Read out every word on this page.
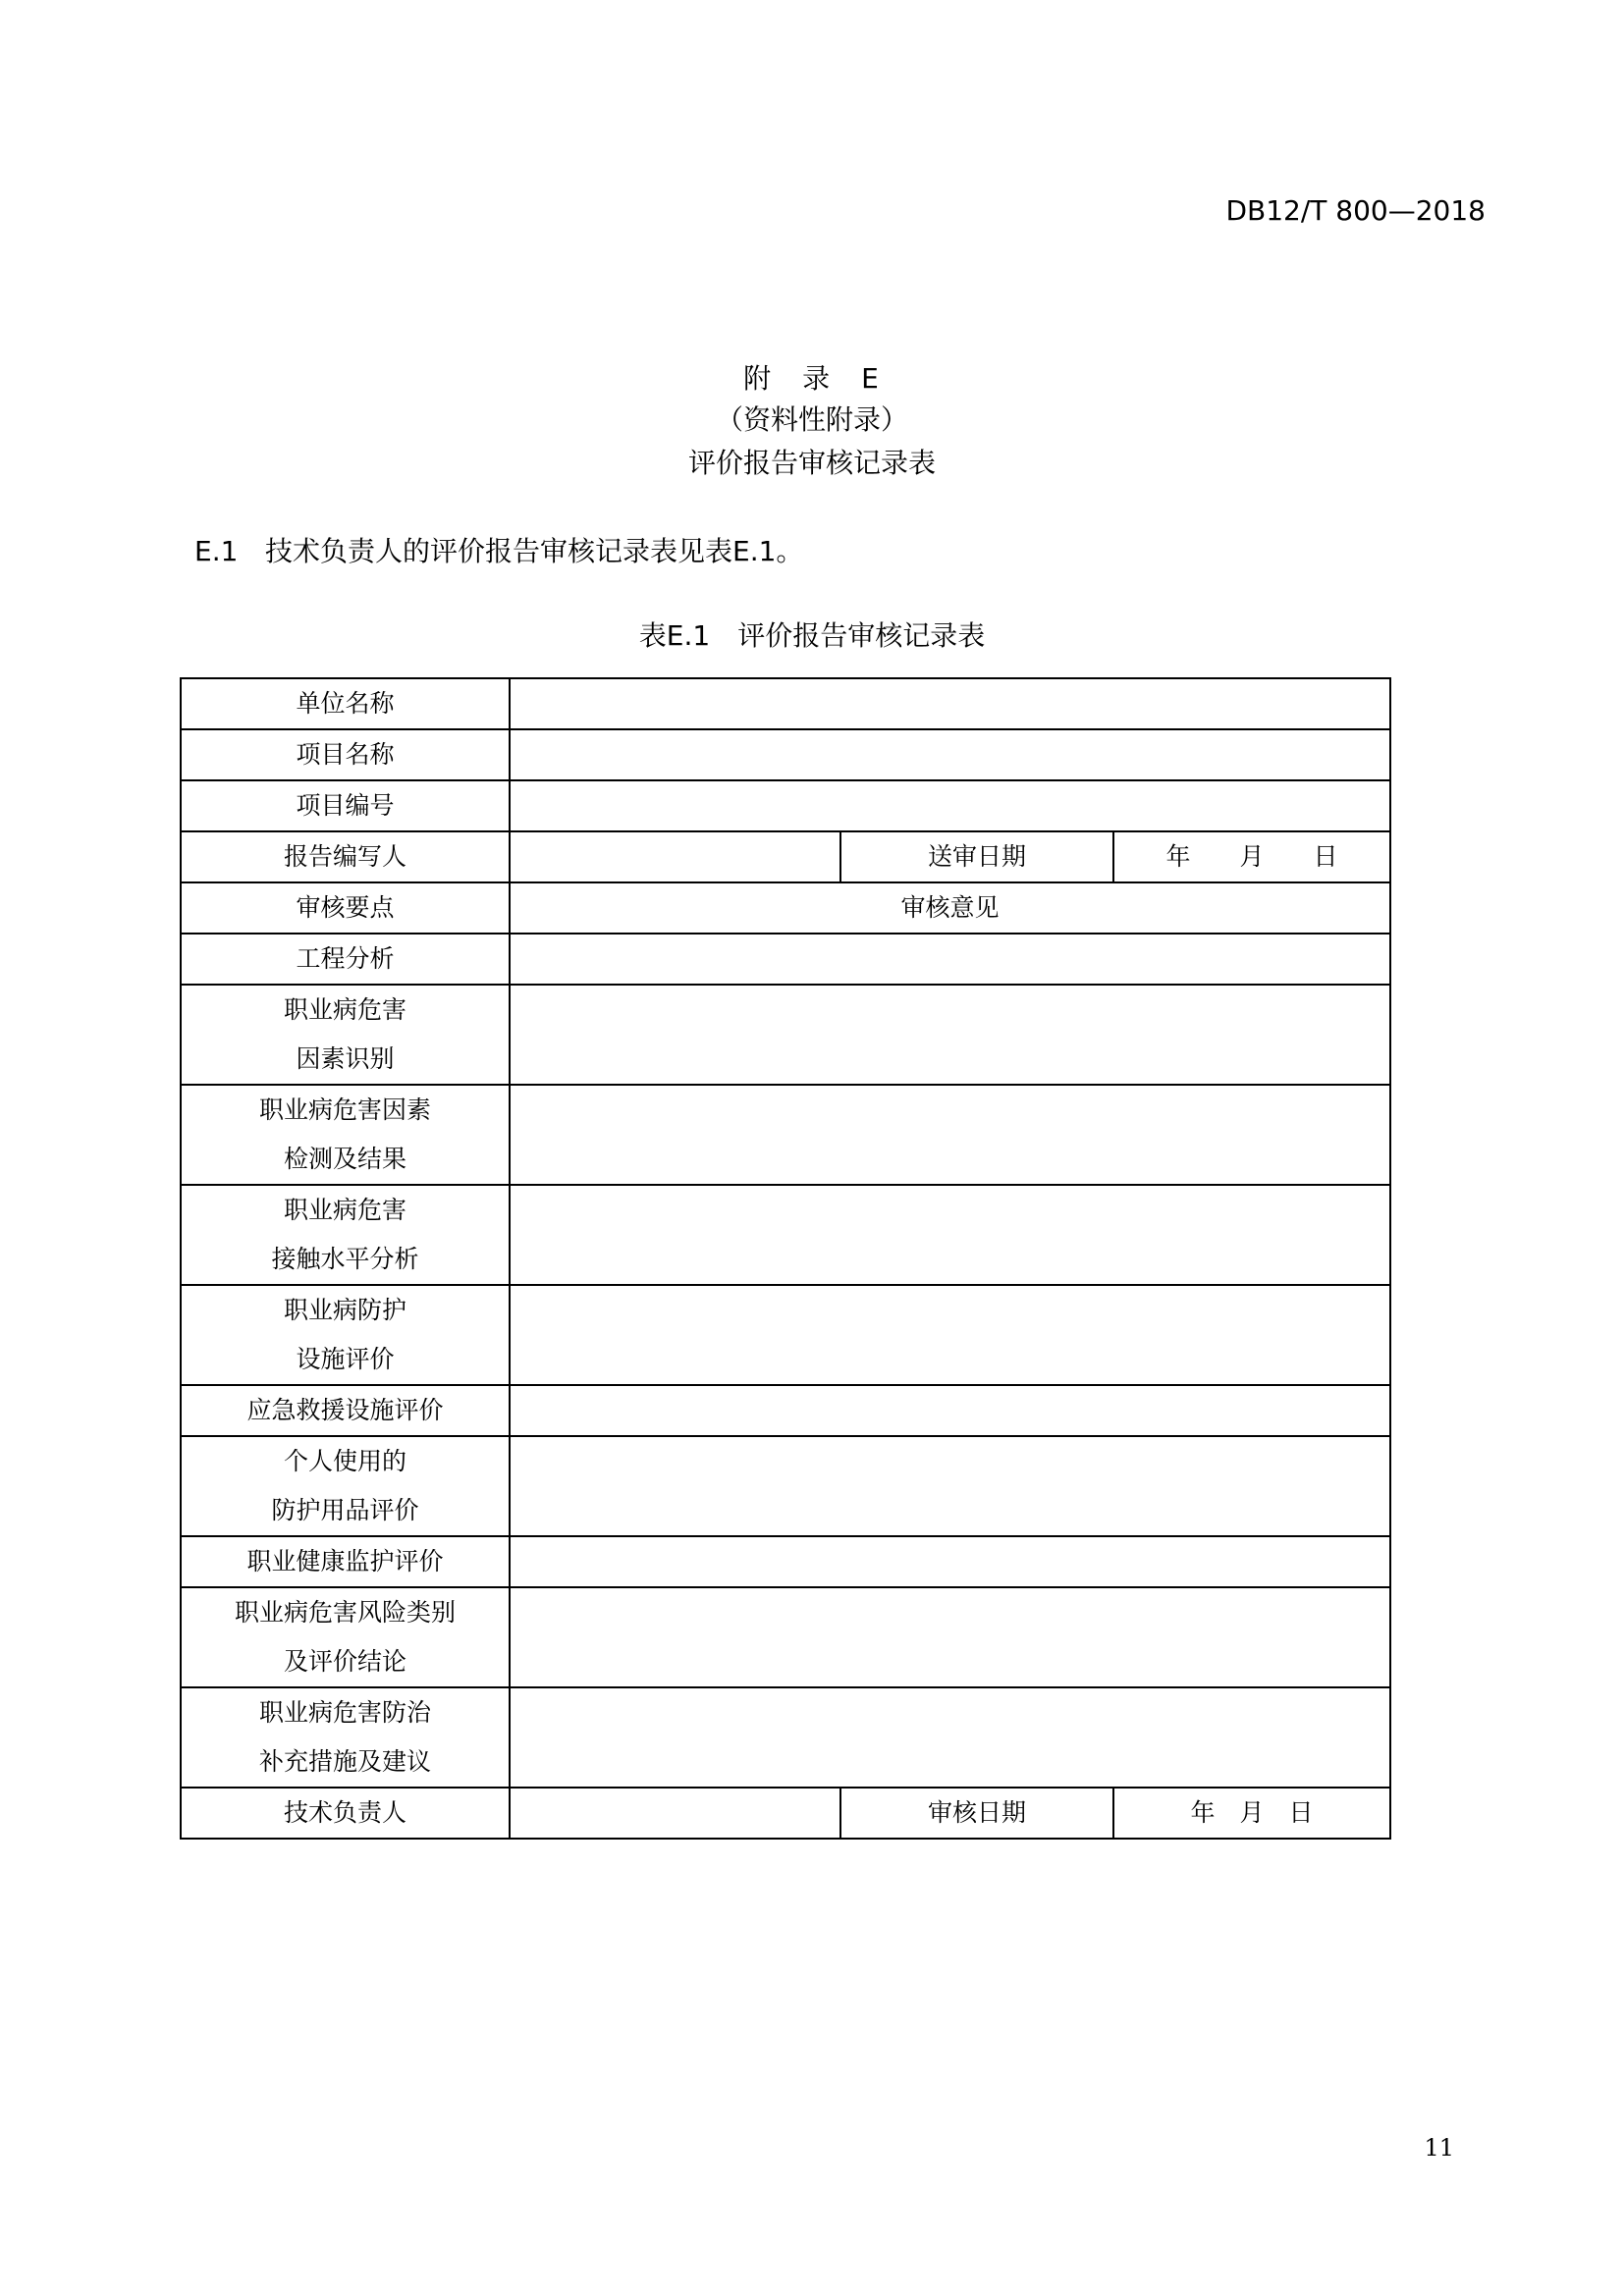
DB12/T 800—2018
附　录　E
（资料性附录）
评价报告审核记录表
E.1 技术负责人的评价报告审核记录表见表E.1。
表E.1　评价报告审核记录表
单位名称			
项目名称			
项目编号			
报告编写人		送审日期	年　　月　　日
审核要点	审核意见		
工程分析			

职业病危害
因素识别			

职业病危害因素
检测及结果			

职业病危害
接触水平分析			

职业病防护
设施评价			

应急救援设施评价			

个人使用的
防护用品评价			

职业健康监护评价			

职业病危害风险类别
及评价结论			

职业病危害防治
补充措施及建议			

技术负责人		审核日期	年　月　日
11
